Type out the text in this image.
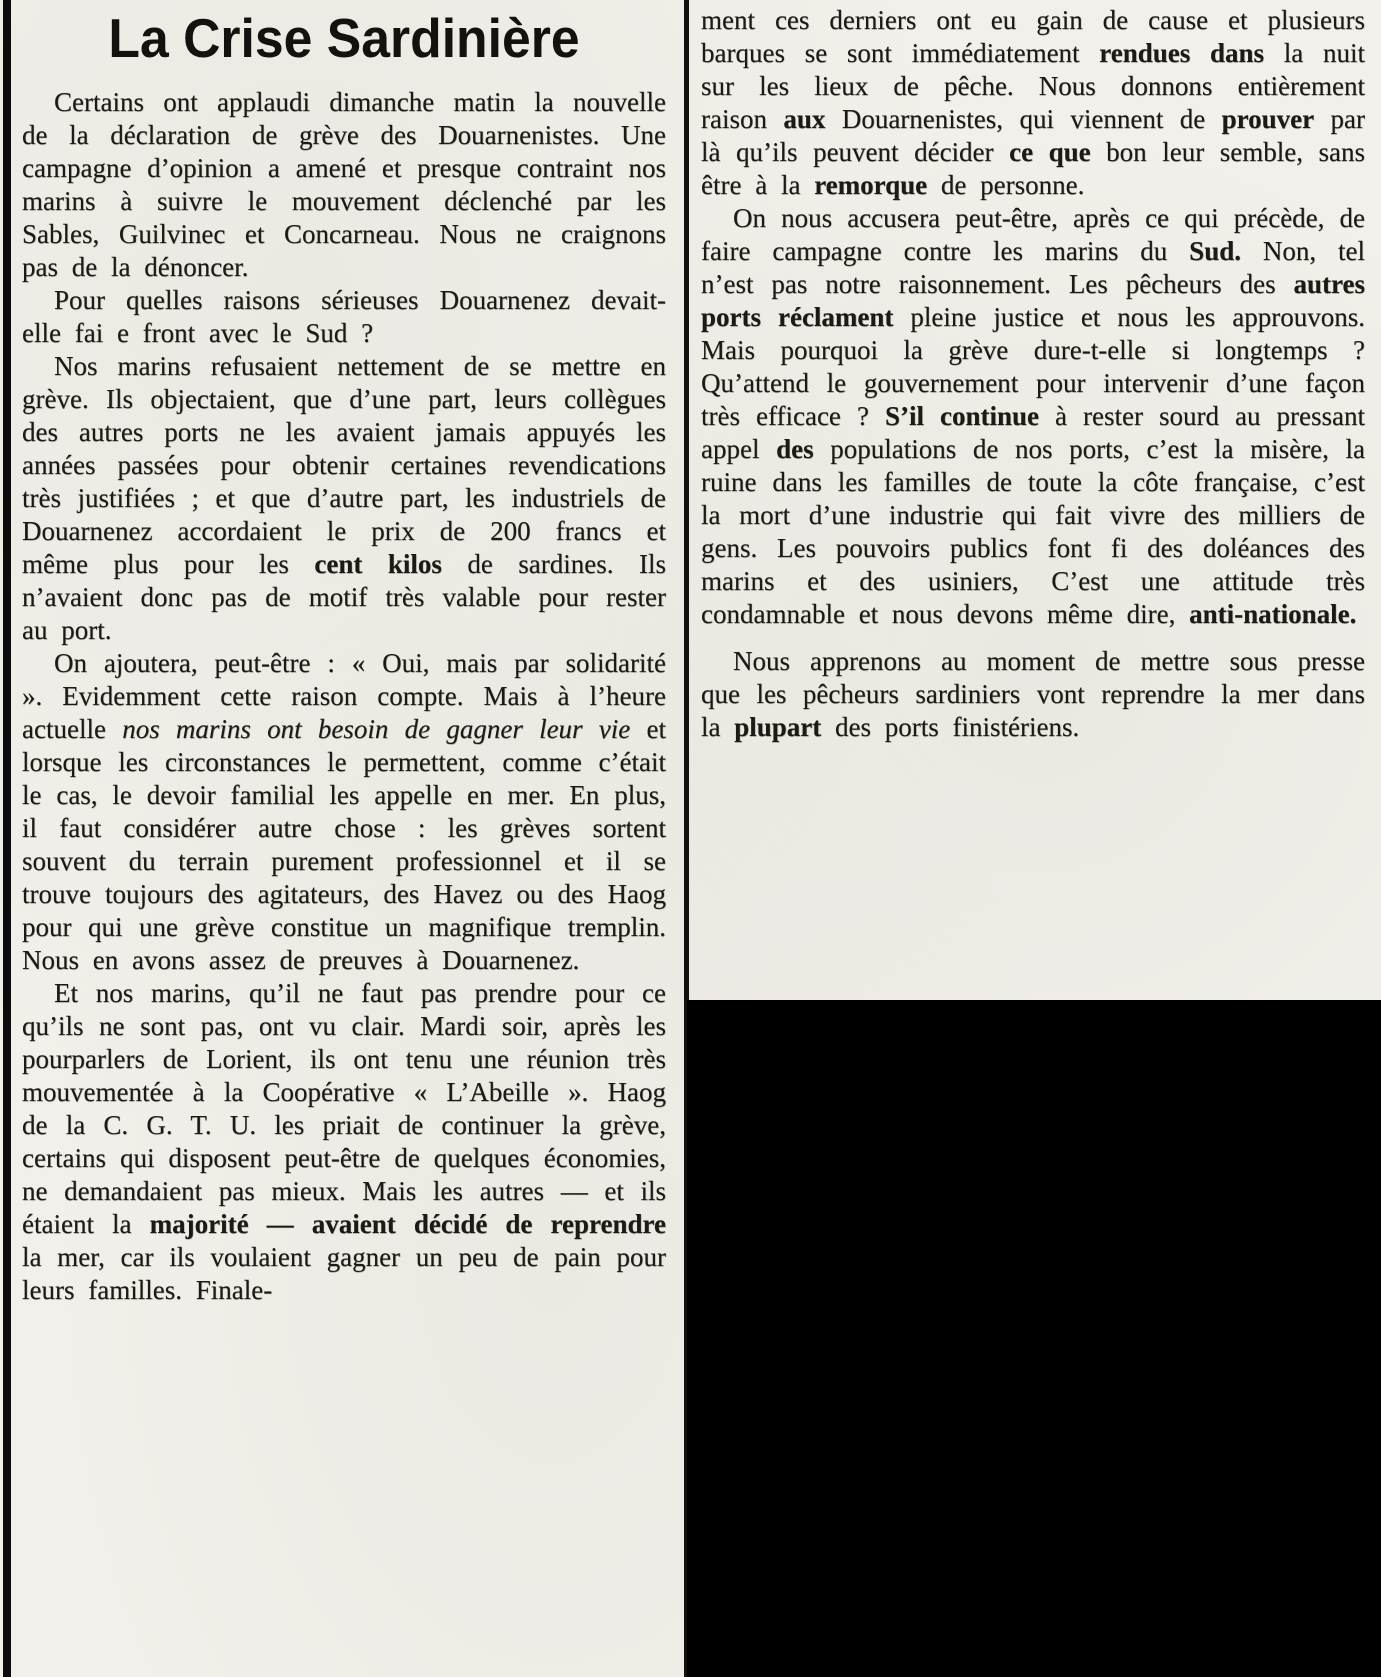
La Crise Sardinière

Certains ont applaudi dimanche matin la nouvelle de la déclaration de grève des Douarnenistes. Une campagne d’opinion a amené et presque contraint nos marins à suivre le mouvement déclenché par les Sables, Guilvinec et Concarneau. Nous ne craignons pas de la dénoncer.

Pour quelles raisons sérieuses Douarnenez devait-elle fai e front avec le Sud ?

Nos marins refusaient nettement de se mettre en grève. Ils objectaient, que d’une part, leurs collègues des autres ports ne les avaient jamais appuyés les années passées pour obtenir certaines revendications très justifiées ; et que d’autre part, les industriels de Douarnenez accordaient le prix de 200 francs et même plus pour les cent kilos de sardines. Ils n’avaient donc pas de motif très valable pour rester au port.

On ajoutera, peut-être : « Oui, mais par solidarité ». Evidemment cette raison compte. Mais à l’heure actuelle nos marins ont besoin de gagner leur vie et lorsque les circonstances le permettent, comme c’était le cas, le devoir familial les appelle en mer. En plus, il faut considérer autre chose : les grèves sortent souvent du terrain purement professionnel et il se trouve toujours des agitateurs, des Havez ou des Haog pour qui une grève constitue un magnifique tremplin. Nous en avons assez de preuves à Douarnenez.

Et nos marins, qu’il ne faut pas prendre pour ce qu’ils ne sont pas, ont vu clair. Mardi soir, après les pourparlers de Lorient, ils ont tenu une réunion très mouvementée à la Coopérative « L’Abeille ». Haog de la C. G. T. U. les priait de continuer la grève, certains qui disposent peut-être de quelques économies, ne demandaient pas mieux. Mais les autres — et ils étaient la majorité — avaient décidé de reprendre la mer, car ils voulaient gagner un peu de pain pour leurs familles. Finale-

ment ces derniers ont eu gain de cause et plusieurs barques se sont immédiatement rendues dans la nuit sur les lieux de pêche. Nous donnons entièrement raison aux Douarnenistes, qui viennent de prouver par là qu’ils peuvent décider ce que bon leur semble, sans être à la remorque de personne.

On nous accusera peut-être, après ce qui précède, de faire campagne contre les marins du Sud. Non, tel n’est pas notre raisonnement. Les pêcheurs des autres ports réclament pleine justice et nous les approuvons. Mais pourquoi la grève dure-t-elle si longtemps ? Qu’attend le gouvernement pour intervenir d’une façon très efficace ? S’il continue à rester sourd au pressant appel des populations de nos ports, c’est la misère, la ruine dans les familles de toute la côte française, c’est la mort d’une industrie qui fait vivre des milliers de gens. Les pouvoirs publics font fi des doléances des marins et des usiniers, C’est une attitude très condamnable et nous devons même dire, anti-nationale.

Nous apprenons au moment de mettre sous presse que les pêcheurs sardiniers vont reprendre la mer dans la plupart des ports finistériens.
